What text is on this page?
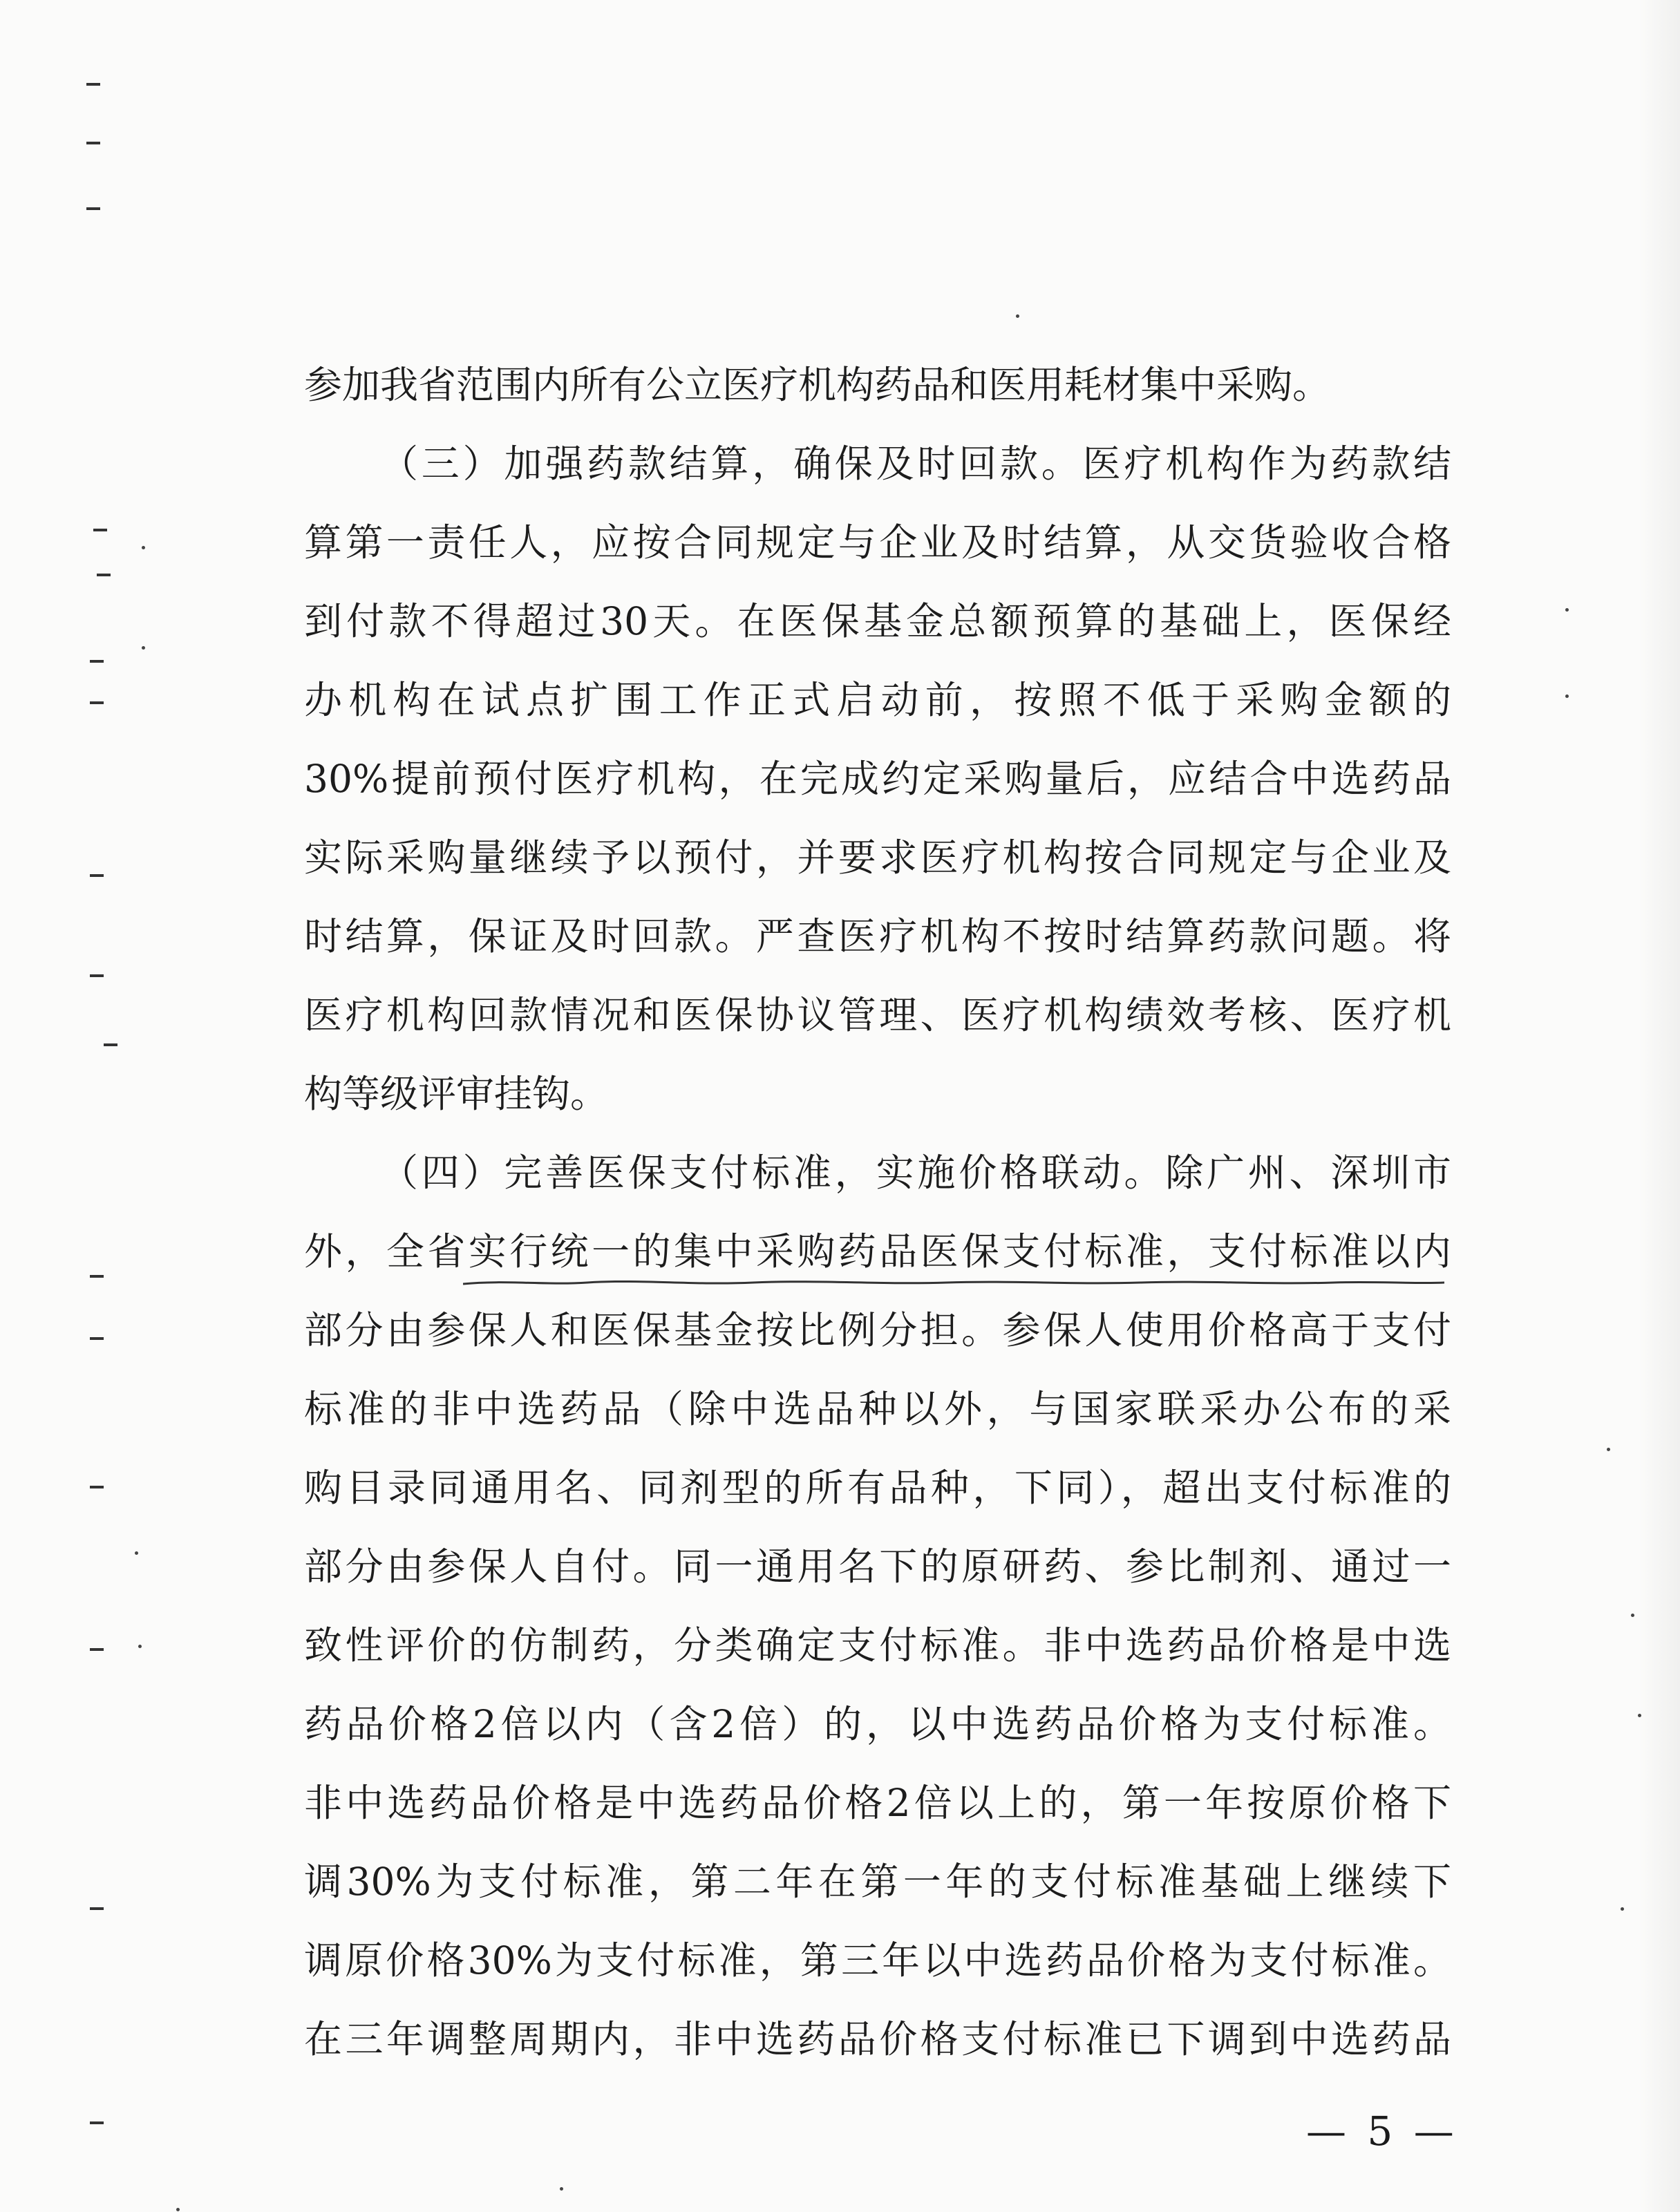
参加我省范围内所有公立医疗机构药品和医用耗材集中采购。
（三）加强药款结算，确保及时回款。医疗机构作为药款结
算第一责任人，应按合同规定与企业及时结算，从交货验收合格
到付款不得超过30天。在医保基金总额预算的基础上，医保经
办机构在试点扩围工作正式启动前，按照不低于采购金额的
30%提前预付医疗机构，在完成约定采购量后，应结合中选药品
实际采购量继续予以预付，并要求医疗机构按合同规定与企业及
时结算，保证及时回款。严查医疗机构不按时结算药款问题。将
医疗机构回款情况和医保协议管理、医疗机构绩效考核、医疗机
构等级评审挂钩。
（四）完善医保支付标准，实施价格联动。除广州、深圳市
外，全省实行统一的集中采购药品医保支付标准，支付标准以内
部分由参保人和医保基金按比例分担。参保人使用价格高于支付
标准的非中选药品（除中选品种以外，与国家联采办公布的采
购目录同通用名、同剂型的所有品种，下同），超出支付标准的
部分由参保人自付。同一通用名下的原研药、参比制剂、通过一
致性评价的仿制药，分类确定支付标准。非中选药品价格是中选
药品价格2倍以内（含2倍）的，以中选药品价格为支付标准。
非中选药品价格是中选药品价格2倍以上的，第一年按原价格下
调30%为支付标准，第二年在第一年的支付标准基础上继续下
调原价格30%为支付标准，第三年以中选药品价格为支付标准。
在三年调整周期内，非中选药品价格支付标准已下调到中选药品
— 5 —
